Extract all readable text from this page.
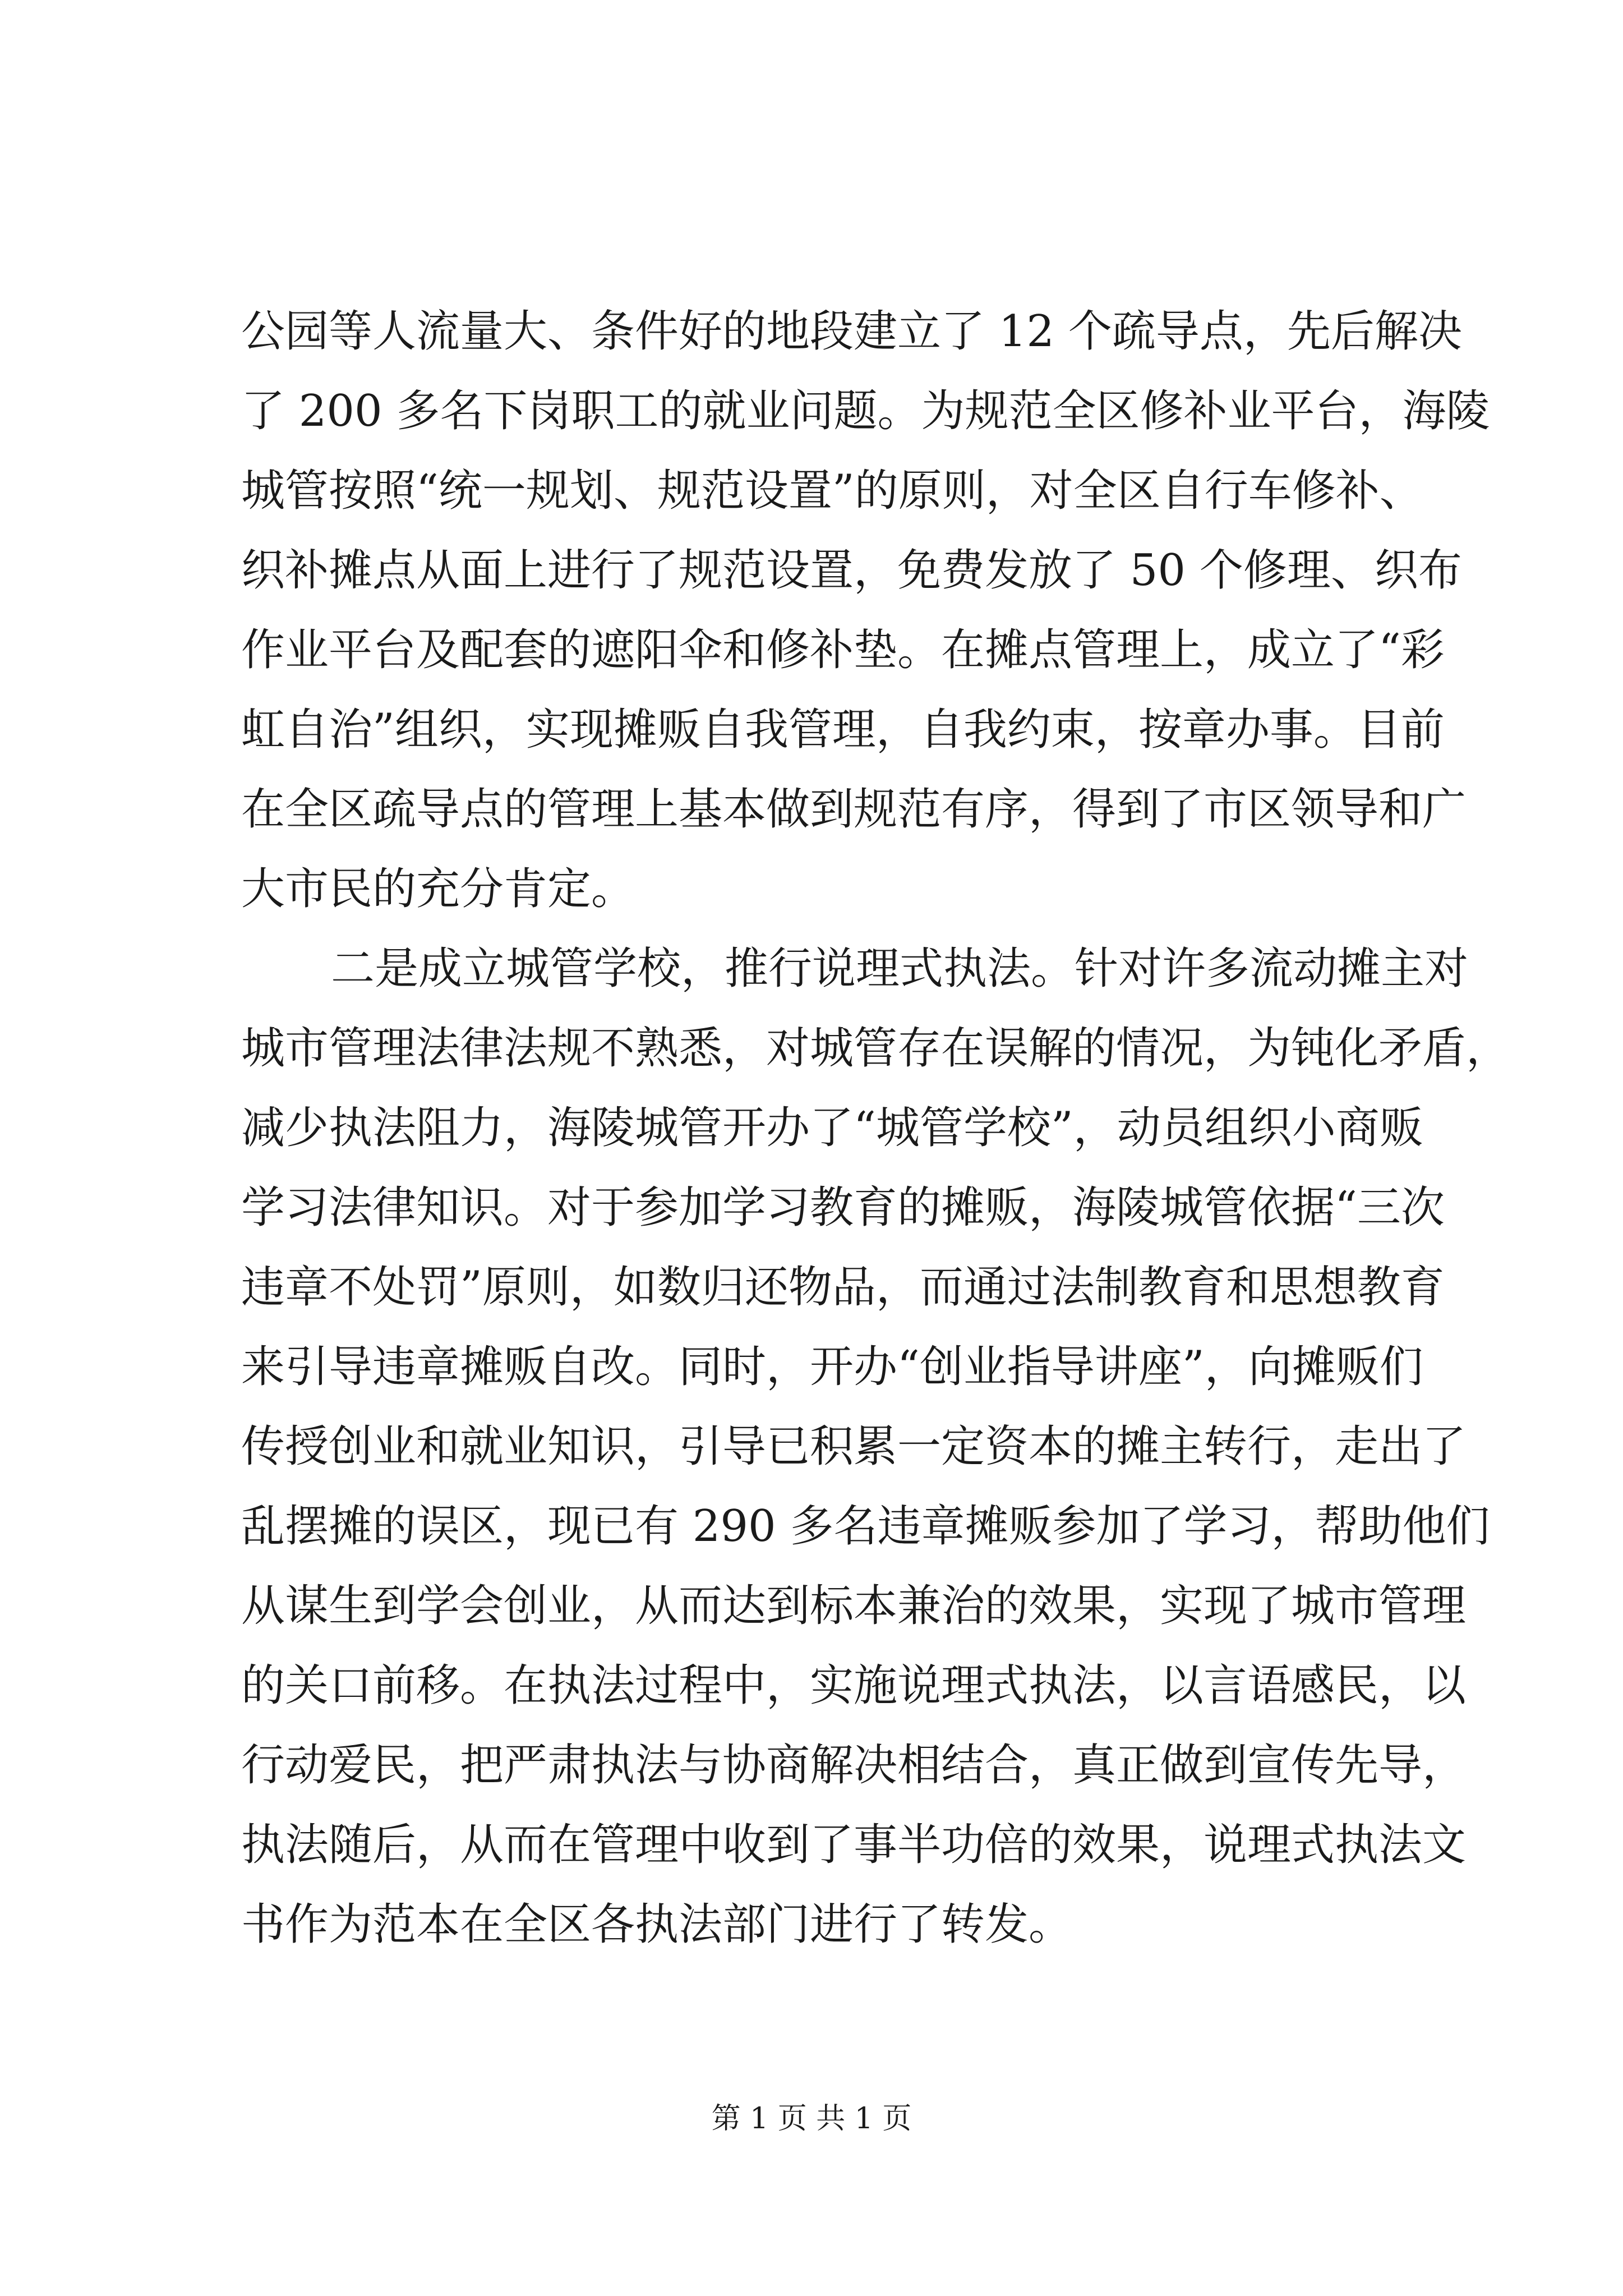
公园等人流量大、条件好的地段建立了 12 个疏导点，先后解决
了 200 多名下岗职工的就业问题。为规范全区修补业平台，海陵
城管按照“统一规划、规范设置”的原则，对全区自行车修补、
织补摊点从面上进行了规范设置，免费发放了 50 个修理、织布
作业平台及配套的遮阳伞和修补垫。在摊点管理上，成立了“彩
虹自治”组织，实现摊贩自我管理，自我约束，按章办事。目前
在全区疏导点的管理上基本做到规范有序，得到了市区领导和广
大市民的充分肯定。
二是成立城管学校，推行说理式执法。针对许多流动摊主对
城市管理法律法规不熟悉，对城管存在误解的情况，为钝化矛盾，
减少执法阻力，海陵城管开办了“城管学校”，动员组织小商贩
学习法律知识。对于参加学习教育的摊贩，海陵城管依据“三次
违章不处罚”原则，如数归还物品，而通过法制教育和思想教育
来引导违章摊贩自改。同时，开办“创业指导讲座”，向摊贩们
传授创业和就业知识，引导已积累一定资本的摊主转行，走出了
乱摆摊的误区，现已有 290 多名违章摊贩参加了学习，帮助他们
从谋生到学会创业，从而达到标本兼治的效果，实现了城市管理
的关口前移。在执法过程中，实施说理式执法，以言语感民，以
行动爱民，把严肃执法与协商解决相结合，真正做到宣传先导，
执法随后，从而在管理中收到了事半功倍的效果，说理式执法文
书作为范本在全区各执法部门进行了转发。
第 1 页 共 1 页
